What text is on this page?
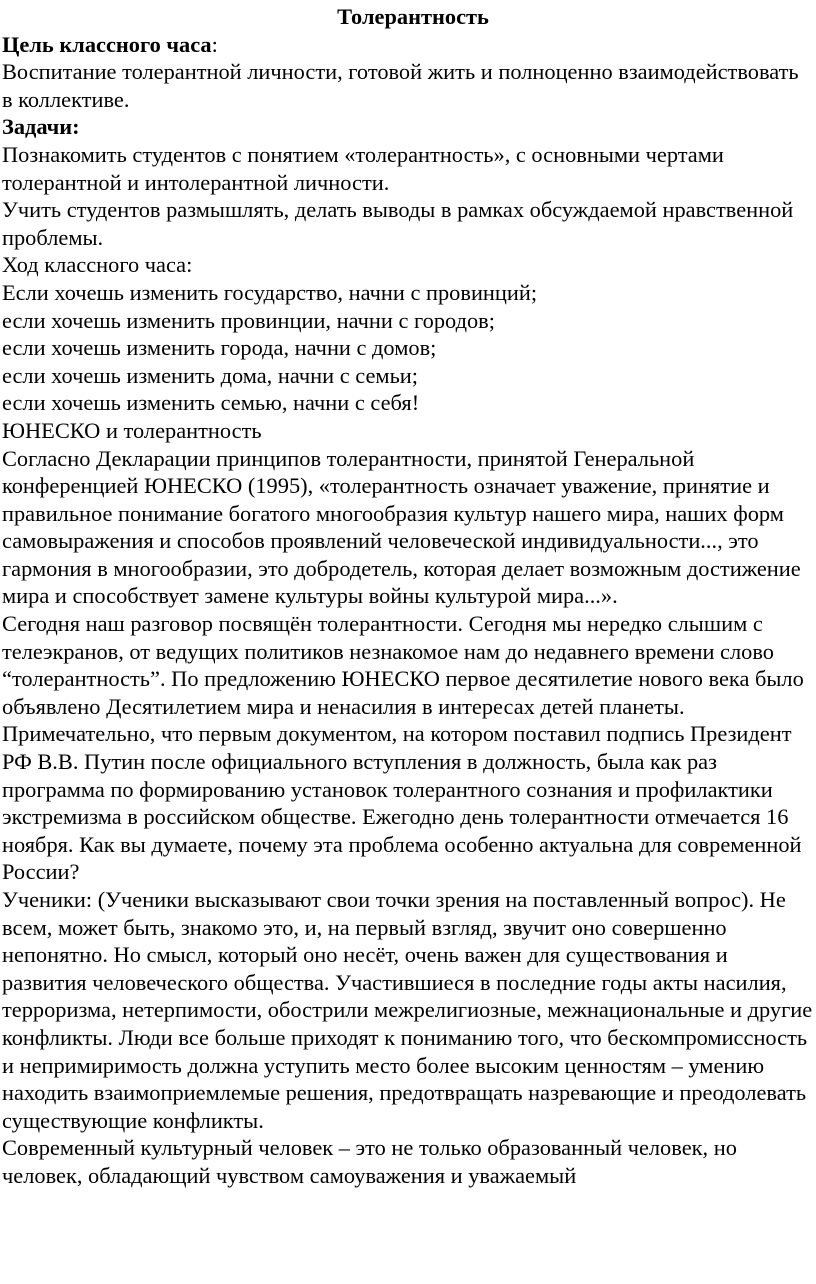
Толерантность

Цель классного часа:

Воспитание толерантной личности, готовой жить и полноценно взаимодействовать в коллективе.

Задачи:

Познакомить студентов с понятием «толерантность», с основными чертами толерантной и интолерантной личности.

Учить студентов размышлять, делать выводы в рамках обсуждаемой нравственной проблемы.

Ход классного часа:

Если хочешь изменить государство, начни с провинций;

если хочешь изменить провинции, начни с городов;

если хочешь изменить города, начни с домов;

если хочешь изменить дома, начни с семьи;

если хочешь изменить семью, начни с себя!

ЮНЕСКО и толерантность

Согласно Декларации принципов толерантности, принятой Генеральной конференцией ЮНЕСКО (1995), «толерантность означает уважение, принятие и правильное понимание богатого многообразия культур нашего мира, наших форм самовыражения и способов проявлений человеческой индивидуальности..., это гармония в многообразии, это добродетель, которая делает возможным достижение мира и способствует замене культуры войны культурой мира...».

Сегодня наш разговор посвящён толерантности. Сегодня мы нередко слышим с телеэкранов, от ведущих политиков незнакомое нам до недавнего времени слово “толерантность”. По предложению ЮНЕСКО первое десятилетие нового века было объявлено Десятилетием мира и ненасилия в интересах детей планеты. Примечательно, что первым документом, на котором поставил подпись Президент РФ В.В. Путин после официального вступления в должность, была как раз программа по формированию установок толерантного сознания и профилактики экстремизма в российском обществе. Ежегодно день толерантности отмечается 16 ноября. Как вы думаете, почему эта проблема особенно актуальна для современной России?

Ученики: (Ученики высказывают свои точки зрения на поставленный вопрос). Не всем, может быть, знакомо это, и, на первый взгляд, звучит оно совершенно непонятно. Но смысл, который оно несёт, очень важен для существования и развития человеческого общества. Участившиеся в последние годы акты насилия, терроризма, нетерпимости, обострили межрелигиозные, межнациональные и другие конфликты. Люди все больше приходят к пониманию того, что бескомпромиссность и непримиримость должна уступить место более высоким ценностям – умению находить взаимоприемлемые решения, предотвращать назревающие и преодолевать существующие конфликты.

Современный культурный человек – это не только образованный человек, но человек, обладающий чувством самоуважения и уважаемый
